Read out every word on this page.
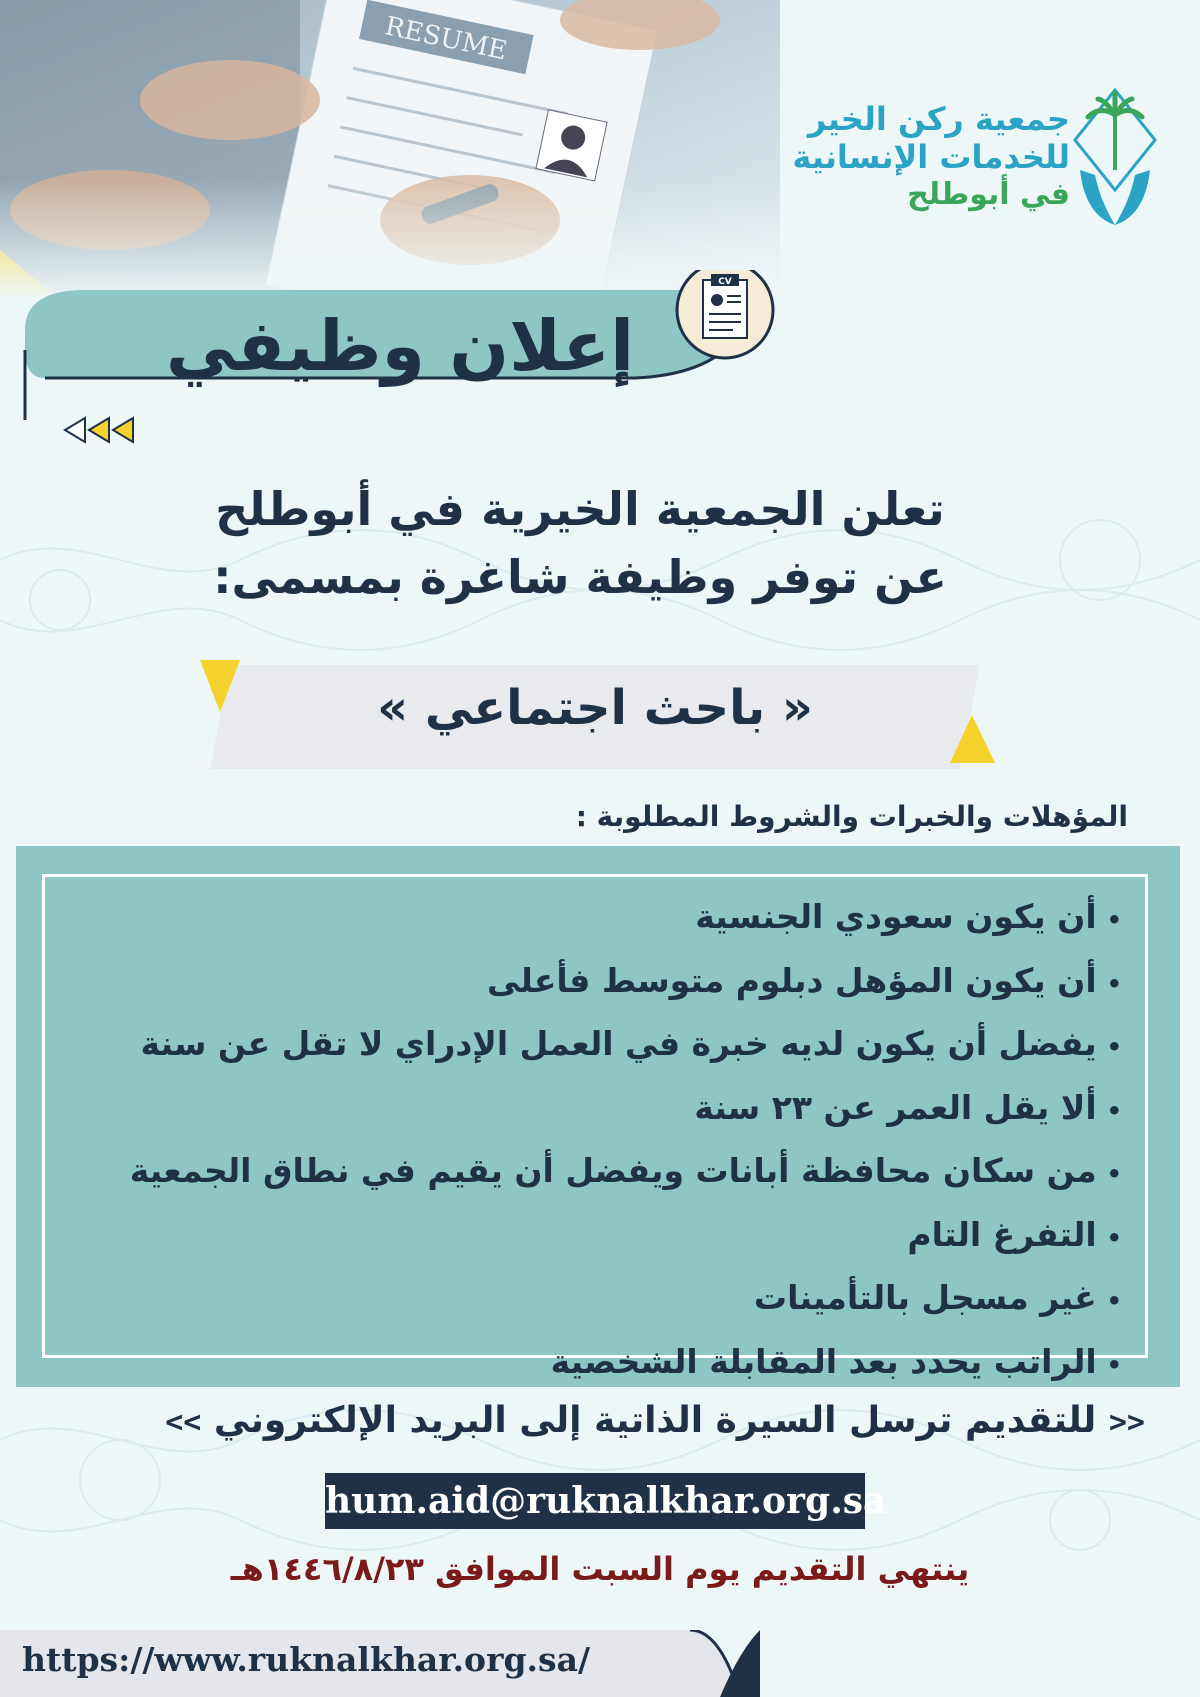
جمعية ركن الخير
للخدمات الإنسانية
في أبوطلح
CV
إعلان وظيفي
تعلن الجمعية الخيرية في أبوطلح
عن توفر وظيفة شاغرة بمسمى:
« باحث اجتماعي »
المؤهلات والخبرات والشروط المطلوبة :
•أن يكون سعودي الجنسية
•أن يكون المؤهل دبلوم متوسط فأعلى
•يفضل أن يكون لديه خبرة في العمل الإدراي لا تقل عن سنة
•ألا يقل العمر عن ٢٣ سنة
•من سكان محافظة أبانات ويفضل أن يقيم في نطاق الجمعية
•التفرغ التام
•غير مسجل بالتأمينات
•الراتب يحدد بعد المقابلة الشخصية
>> للتقديم ترسل السيرة الذاتية إلى البريد الإلكتروني <<
hum.aid@ruknalkhar.org.sa
ينتهي التقديم يوم السبت الموافق ١٤٤٦/٨/٢٣هـ
https://www.ruknalkhar.org.sa/
